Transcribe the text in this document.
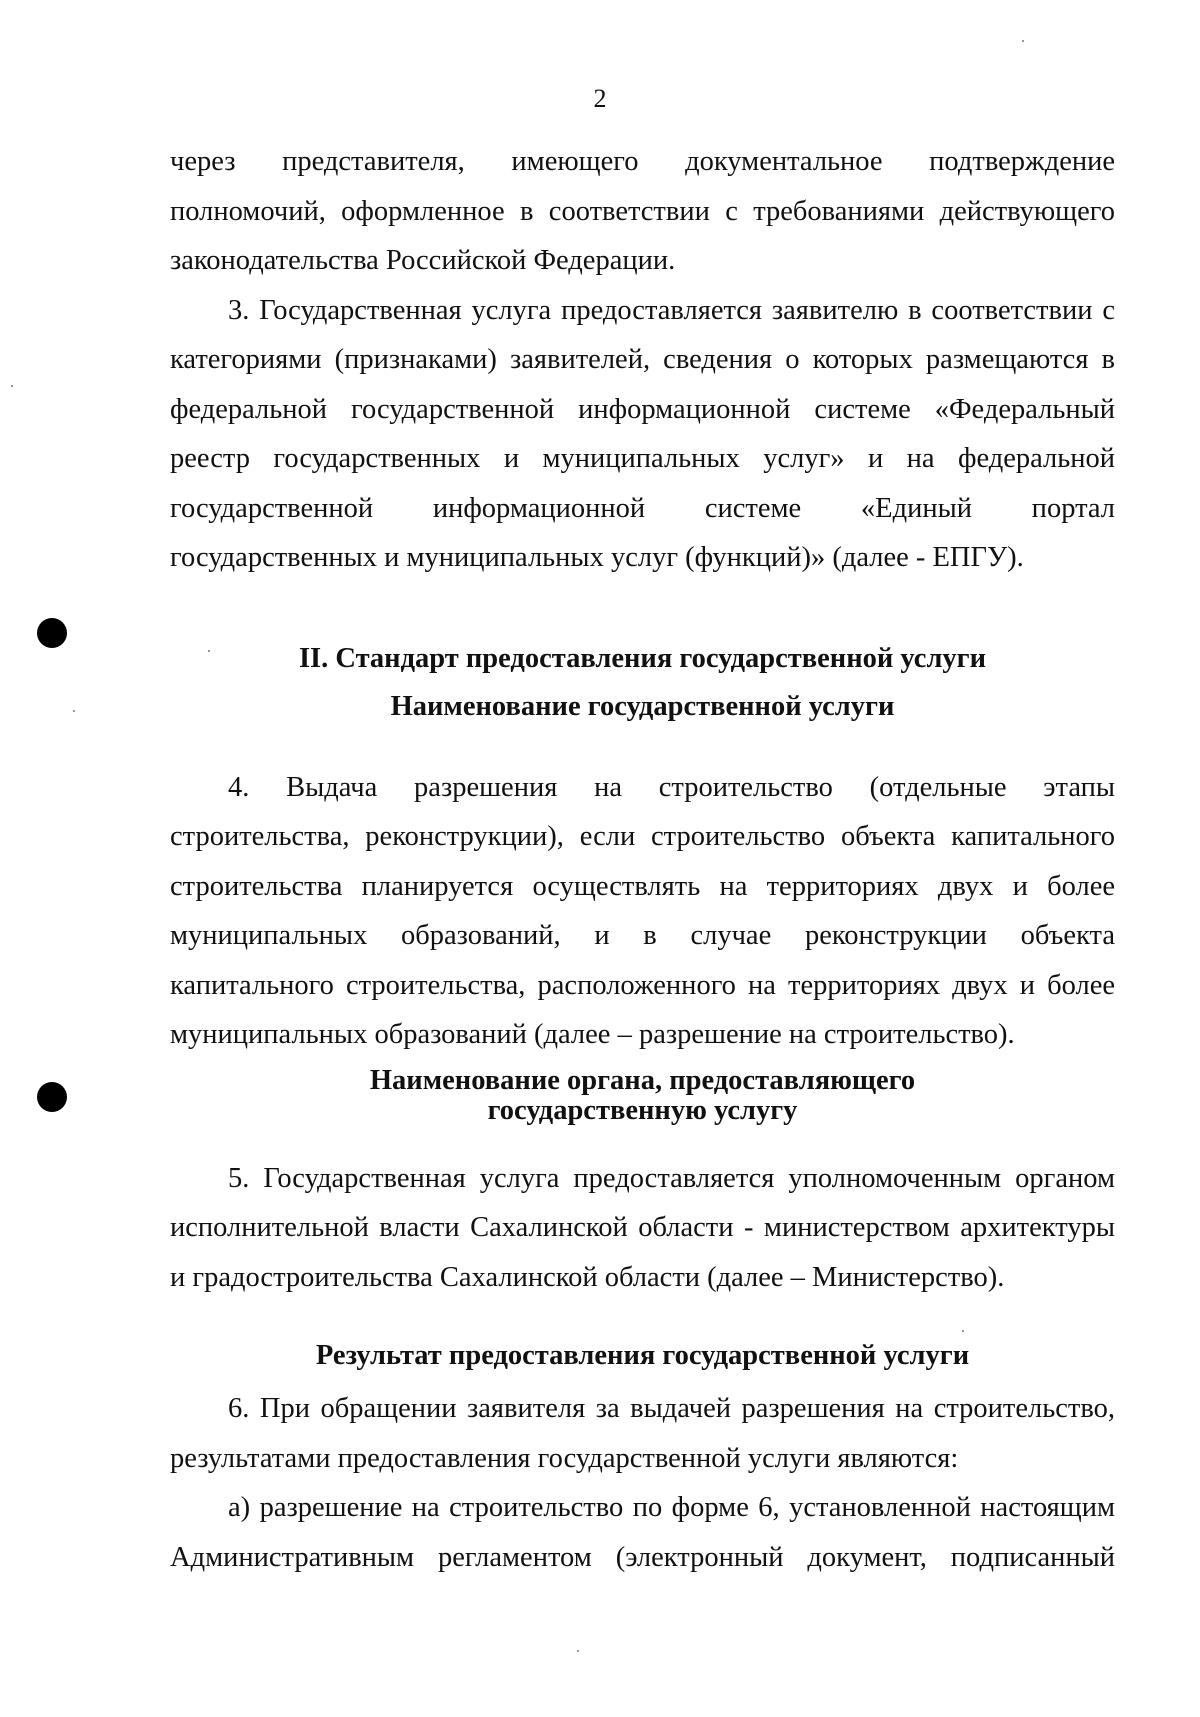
2

через представителя, имеющего документальное подтверждение полномочий, оформленное в соответствии с требованиями действующего законодательства Российской Федерации.

3. Государственная услуга предоставляется заявителю в соответствии с категориями (признаками) заявителей, сведения о которых размещаются в федеральной государственной информационной системе «Федеральный реестр государственных и муниципальных услуг» и на федеральной государственной информационной системе «Единый портал государственных и муниципальных услуг (функций)» (далее - ЕПГУ).

II. Стандарт предоставления государственной услуги
Наименование государственной услуги

4. Выдача разрешения на строительство (отдельные этапы строительства, реконструкции), если строительство объекта капитального строительства планируется осуществлять на территориях двух и более муниципальных образований, и в случае реконструкции объекта капитального строительства, расположенного на территориях двух и более муниципальных образований (далее – разрешение на строительство).

Наименование органа, предоставляющего
государственную услугу

5. Государственная услуга предоставляется уполномоченным органом исполнительной власти Сахалинской области - министерством архитектуры и градостроительства Сахалинской области (далее – Министерство).

Результат предоставления государственной услуги

6. При обращении заявителя за выдачей разрешения на строительство, результатами предоставления государственной услуги являются:

а) разрешение на строительство по форме 6, установленной настоящим Административным регламентом (электронный документ, подписанный
